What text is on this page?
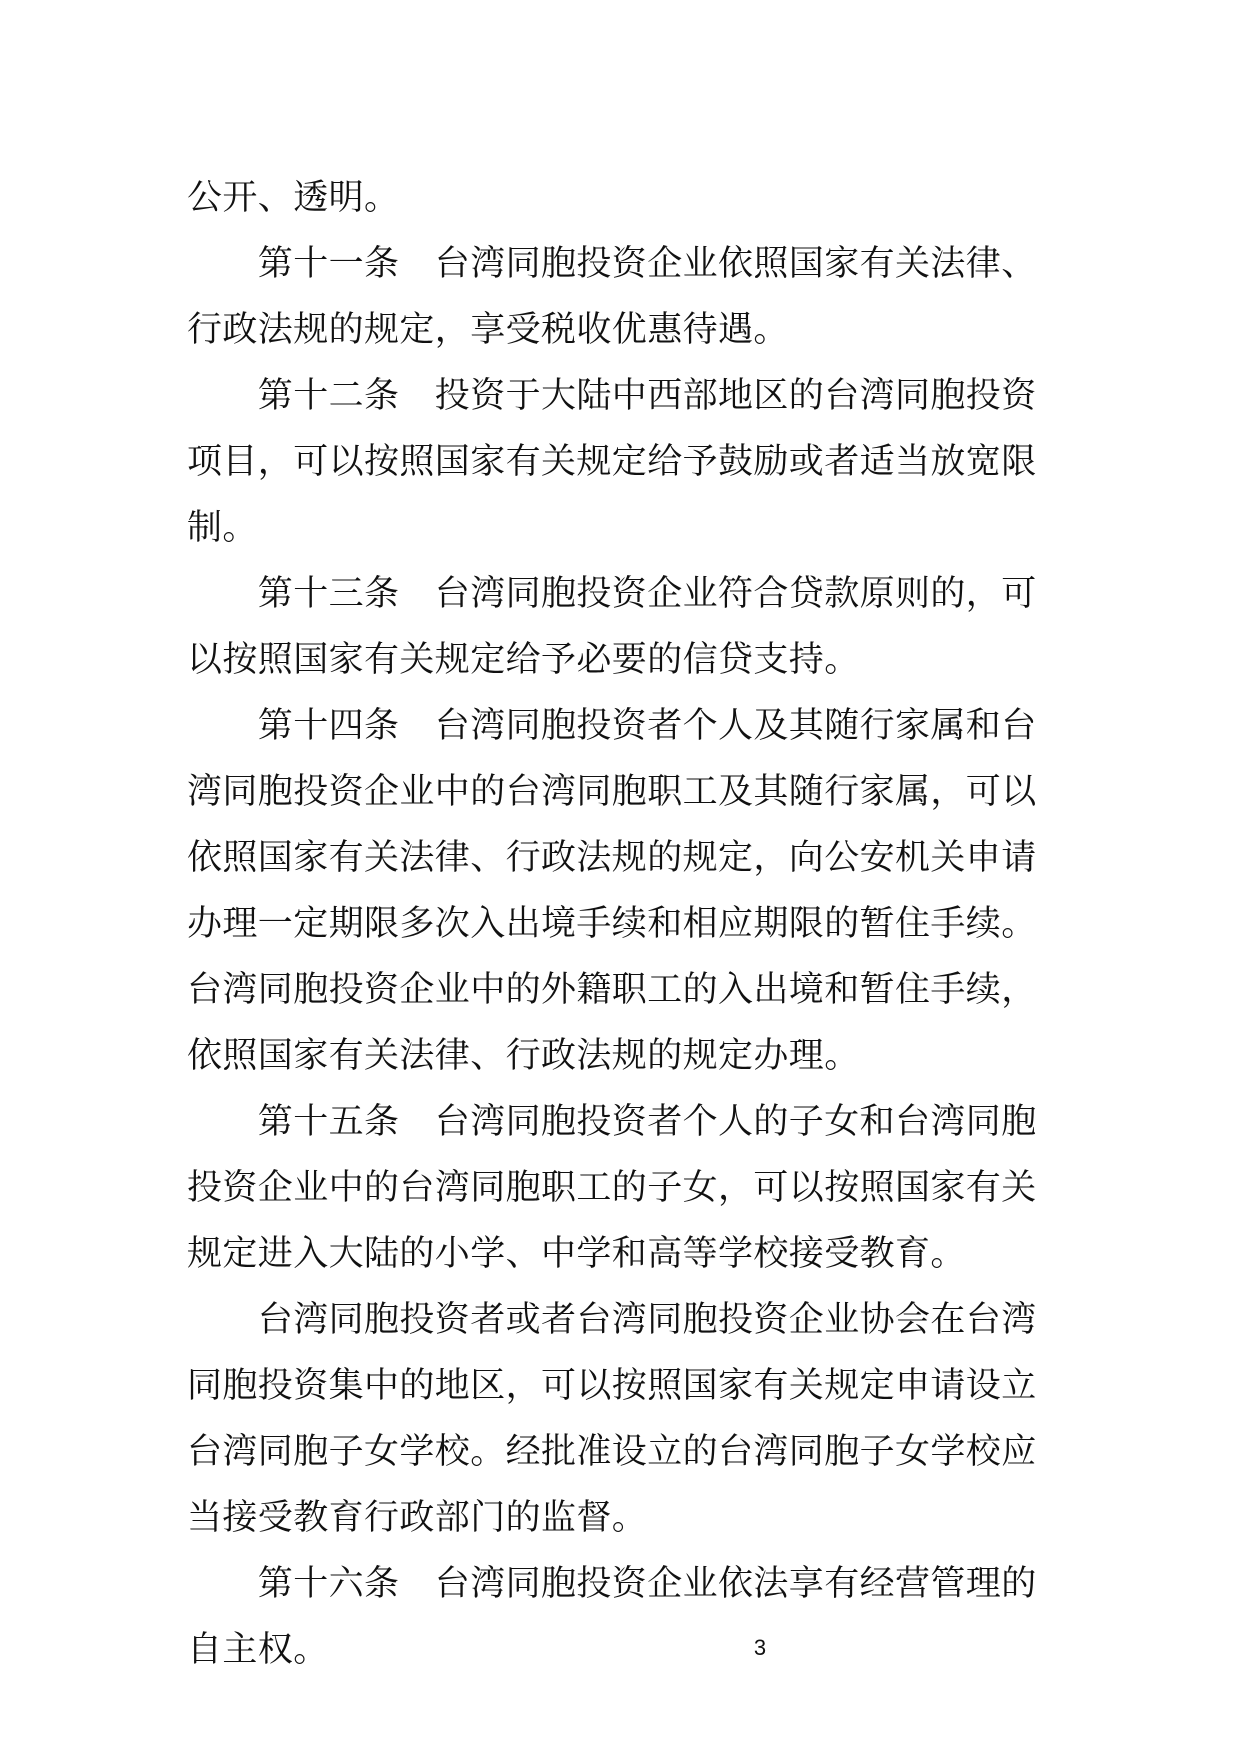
公开、透明。

　　第十一条　台湾同胞投资企业依照国家有关法律、行政法规的规定，享受税收优惠待遇。

　　第十二条　投资于大陆中西部地区的台湾同胞投资项目，可以按照国家有关规定给予鼓励或者适当放宽限制。

　　第十三条　台湾同胞投资企业符合贷款原则的，可以按照国家有关规定给予必要的信贷支持。

　　第十四条　台湾同胞投资者个人及其随行家属和台湾同胞投资企业中的台湾同胞职工及其随行家属，可以依照国家有关法律、行政法规的规定，向公安机关申请办理一定期限多次入出境手续和相应期限的暂住手续。台湾同胞投资企业中的外籍职工的入出境和暂住手续，依照国家有关法律、行政法规的规定办理。

　　第十五条　台湾同胞投资者个人的子女和台湾同胞投资企业中的台湾同胞职工的子女，可以按照国家有关规定进入大陆的小学、中学和高等学校接受教育。

　　台湾同胞投资者或者台湾同胞投资企业协会在台湾同胞投资集中的地区，可以按照国家有关规定申请设立台湾同胞子女学校。经批准设立的台湾同胞子女学校应当接受教育行政部门的监督。

　　第十六条　台湾同胞投资企业依法享有经营管理的自主权。	3
